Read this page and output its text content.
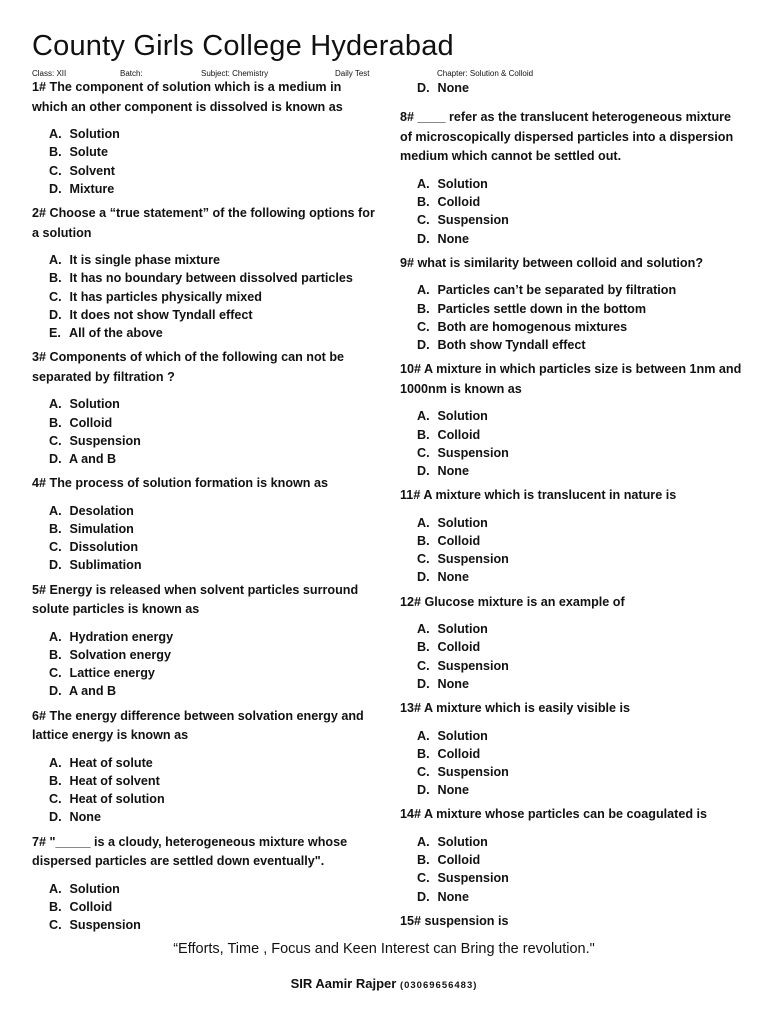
County Girls College Hyderabad
Class: XII	Batch:	Subject: Chemistry	Daily Test	Chapter: Solution & Colloid
1# The component of solution which is a medium in which an other component is dissolved is known as
A. Solution
B. Solute
C. Solvent
D. Mixture
2# Choose a “true statement” of the following options for a solution
A. It is single phase mixture
B. It has no boundary between dissolved particles
C. It has particles physically mixed
D. It does not show Tyndall effect
E. All of the above
3# Components of which of the following can not be separated by filtration ?
A. Solution
B. Colloid
C. Suspension
D. A and B
4# The process of solution formation is known as
A. Desolation
B. Simulation
C. Dissolution
D. Sublimation
5# Energy is released when solvent particles surround solute particles is known as
A. Hydration energy
B. Solvation energy
C. Lattice energy
D. A and B
6# The energy difference between solvation energy and lattice energy is known as
A. Heat of solute
B. Heat of solvent
C. Heat of solution
D. None
7# "_____ is a cloudy, heterogeneous mixture whose dispersed particles are settled down eventually".
A. Solution
B. Colloid
C. Suspension
D. None
8# ____ refer as the translucent heterogeneous mixture of microscopically dispersed particles into a dispersion medium which cannot be settled out.
A. Solution
B. Colloid
C. Suspension
D. None
9# what is similarity between colloid and solution?
A. Particles can’t be separated by filtration
B. Particles settle down in the bottom
C. Both are homogenous mixtures
D. Both show Tyndall effect
10# A mixture in which particles size is between 1nm and 1000nm is known as
A. Solution
B. Colloid
C. Suspension
D. None
11# A mixture which is translucent in nature is
A. Solution
B. Colloid
C. Suspension
D. None
12# Glucose mixture is an example of
A. Solution
B. Colloid
C. Suspension
D. None
13# A mixture which is easily visible is
A. Solution
B. Colloid
C. Suspension
D. None
14# A mixture whose particles can be coagulated is
A. Solution
B. Colloid
C. Suspension
D. None
15# suspension is
“Efforts, Time , Focus and Keen Interest can Bring the revolution."
SIR Aamir Rajper (03069656483)
